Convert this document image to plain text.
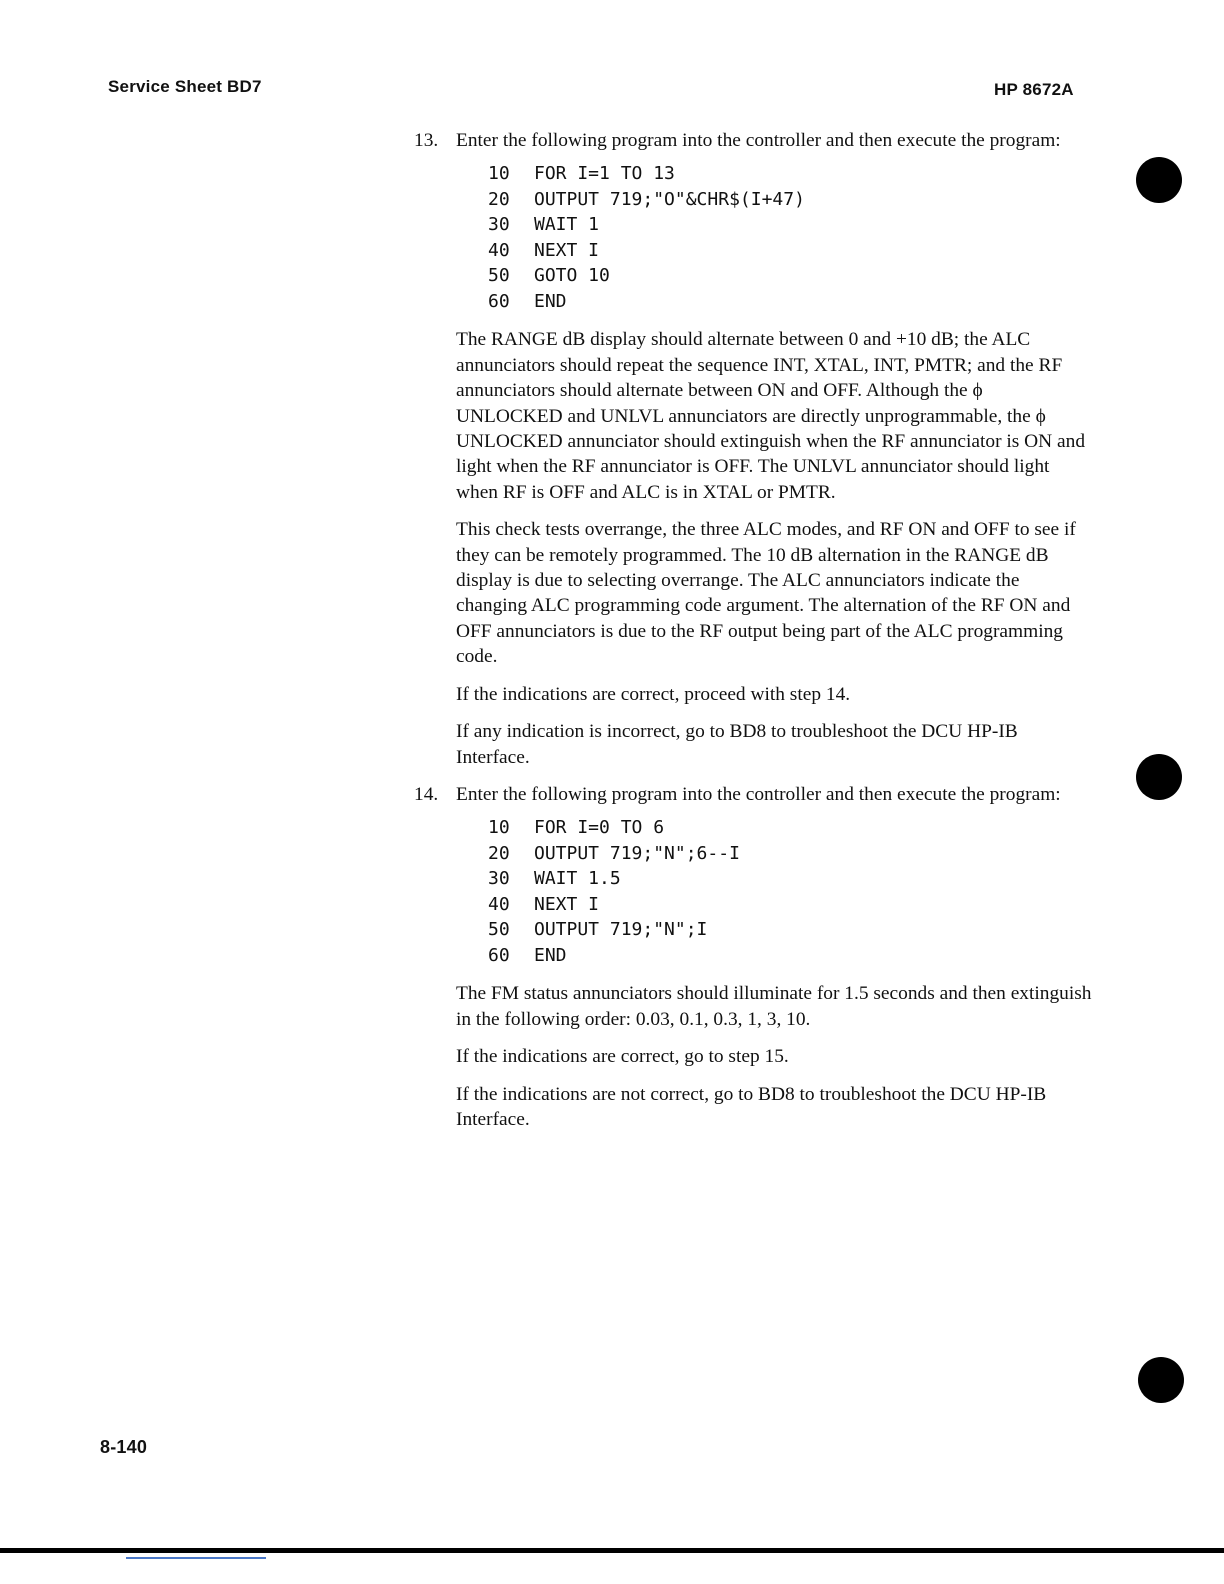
Service Sheet BD7	HP 8672A
13. Enter the following program into the controller and then execute the program:

10	FOR I=1 TO 13
20	OUTPUT 719;"O"&CHR$(I+47)
30	WAIT 1
40	NEXT I
50	GOTO 10
60	END

The RANGE dB display should alternate between 0 and +10 dB; the ALC annunciators should repeat the sequence INT, XTAL, INT, PMTR; and the RF annunciators should alternate between ON and OFF. Although the ϕ UNLOCKED and UNLVL annunciators are directly unprogrammable, the ϕ UNLOCKED annunciator should extinguish when the RF annunciator is ON and light when the RF annunciator is OFF. The UNLVL annunciator should light when RF is OFF and ALC is in XTAL or PMTR.

This check tests overrange, the three ALC modes, and RF ON and OFF to see if they can be remotely programmed. The 10 dB alternation in the RANGE dB display is due to selecting overrange. The ALC annunciators indicate the changing ALC programming code argument. The alternation of the RF ON and OFF annunciators is due to the RF output being part of the ALC programming code.

If the indications are correct, proceed with step 14.

If any indication is incorrect, go to BD8 to troubleshoot the DCU HP-IB Interface.

14. Enter the following program into the controller and then execute the program:

10	FOR I=0 TO 6
20	OUTPUT 719;"N";6--I
30	WAIT 1.5
40	NEXT I
50	OUTPUT 719;"N";I
60	END

The FM status annunciators should illuminate for 1.5 seconds and then extinguish in the following order: 0.03, 0.1, 0.3, 1, 3, 10.

If the indications are correct, go to step 15.

If the indications are not correct, go to BD8 to troubleshoot the DCU HP-IB Interface.

8-140
